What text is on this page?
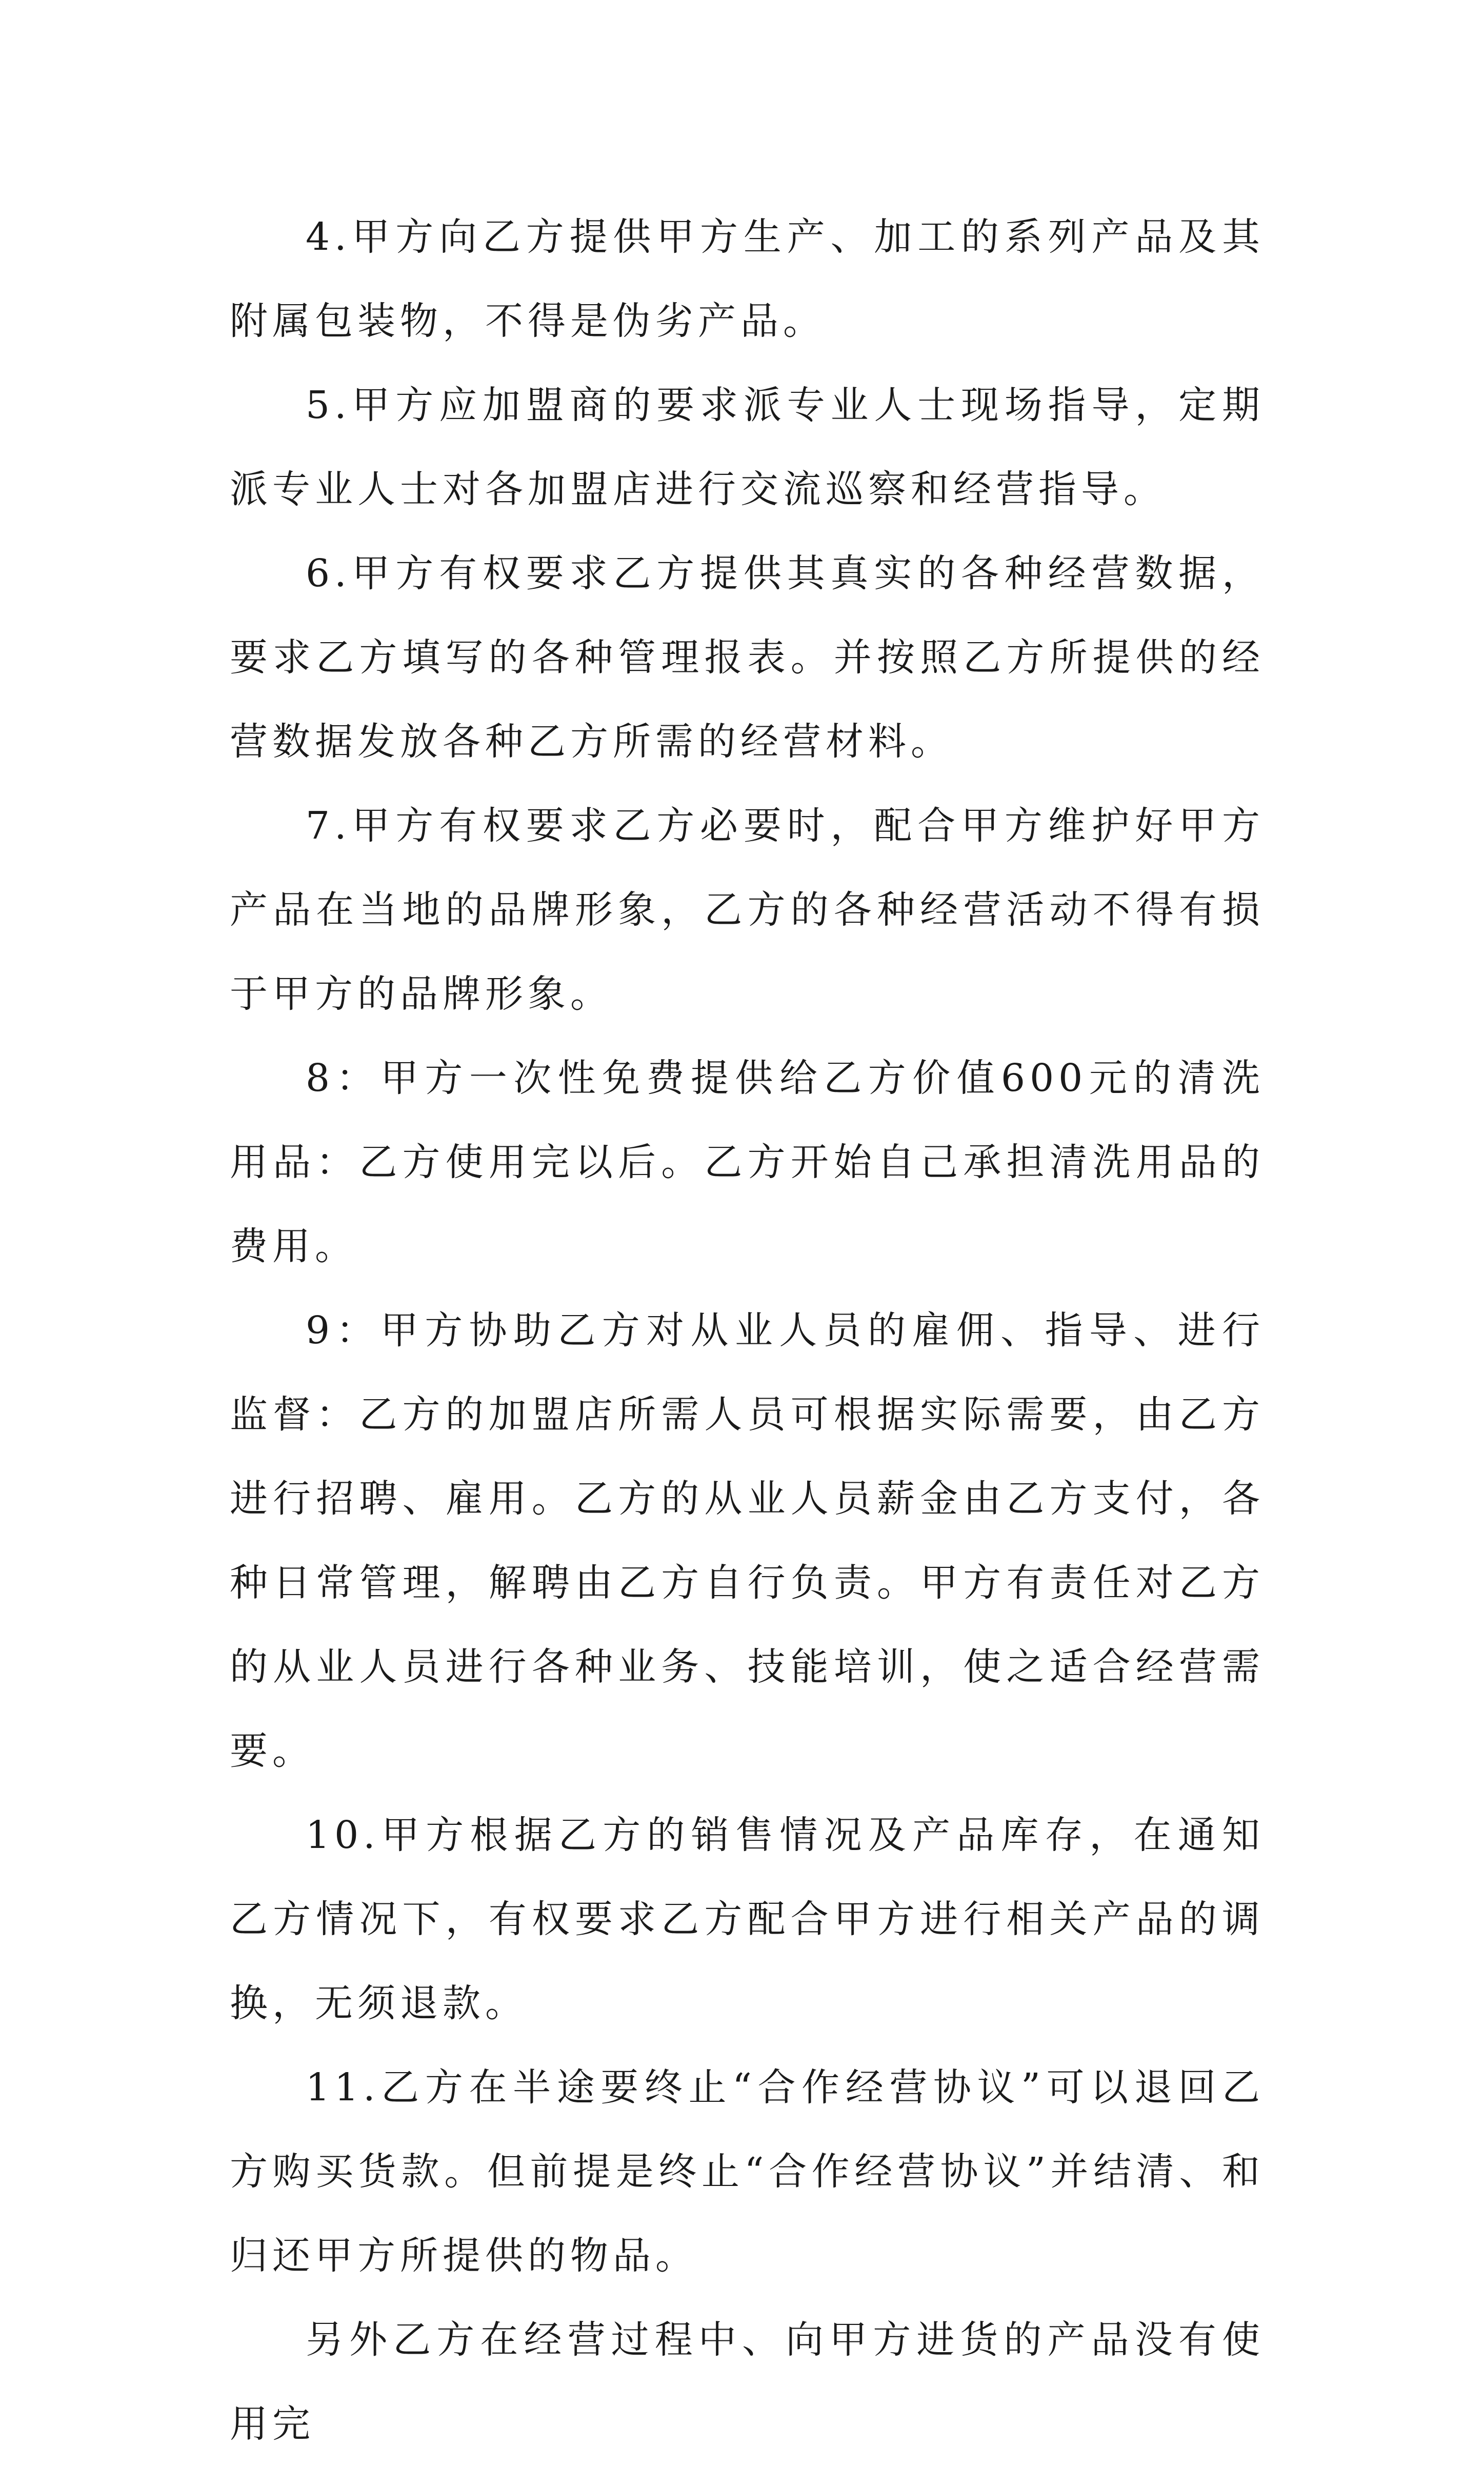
4.甲方向乙方提供甲方生产、加工的系列产品及其附属包装物，不得是伪劣产品。

5.甲方应加盟商的要求派专业人士现场指导，定期派专业人士对各加盟店进行交流巡察和经营指导。

6.甲方有权要求乙方提供其真实的各种经营数据，要求乙方填写的各种管理报表。并按照乙方所提供的经营数据发放各种乙方所需的经营材料。

7.甲方有权要求乙方必要时，配合甲方维护好甲方产品在当地的品牌形象，乙方的各种经营活动不得有损于甲方的品牌形象。

8：甲方一次性免费提供给乙方价值600元的清洗用品：乙方使用完以后。乙方开始自己承担清洗用品的费用。

9：甲方协助乙方对从业人员的雇佣、指导、进行监督：乙方的加盟店所需人员可根据实际需要，由乙方进行招聘、雇用。乙方的从业人员薪金由乙方支付，各种日常管理，解聘由乙方自行负责。甲方有责任对乙方的从业人员进行各种业务、技能培训，使之适合经营需要。

10.甲方根据乙方的销售情况及产品库存，在通知乙方情况下，有权要求乙方配合甲方进行相关产品的调换，无须退款。

11.乙方在半途要终止“合作经营协议”可以退回乙方购买货款。但前提是终止“合作经营协议”并结清、和归还甲方所提供的物品。

另外乙方在经营过程中、向甲方进货的产品没有使用完
